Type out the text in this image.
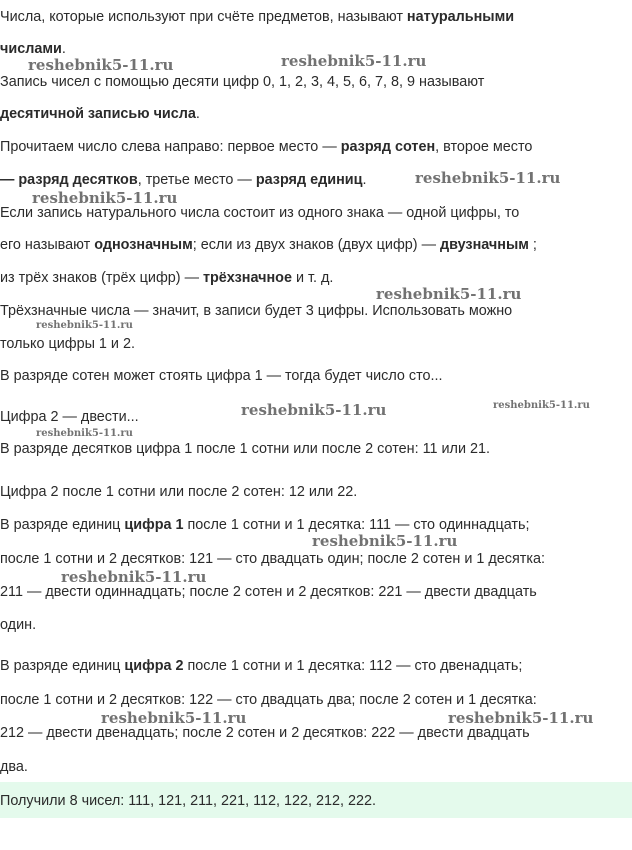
Числа, которые используют при счёте предметов, называют натуральными
числами.
Запись чисел с помощью десяти цифр 0, 1, 2, 3, 4, 5, 6, 7, 8, 9 называют
десятичной записью числа.
Прочитаем число слева направо: первое место — разряд сотен, второе место
— разряд десятков, третье место — разряд единиц.
Если запись натурального числа состоит из одного знака — одной цифры, то
его называют однозначным; если из двух знаков (двух цифр) — двузначным ;
из трёх знаков (трёх цифр) — трёхзначное и т. д.
Трёхзначные числа — значит, в записи будет 3 цифры. Использовать можно
только цифры 1 и 2.
В разряде сотен может стоять цифра 1 — тогда будет число сто...
Цифра 2 — двести...
В разряде десятков цифра 1 после 1 сотни или после 2 сотен: 11 или 21.
Цифра 2 после 1 сотни или после 2 сотен: 12 или 22.
В разряде единиц цифра 1 после 1 сотни и 1 десятка: 111 — сто одиннадцать;
после 1 сотни и 2 десятков: 121 — сто двадцать один; после 2 сотен и 1 десятка:
211 — двести одиннадцать; после 2 сотен и 2 десятков: 221 — двести двадцать
один.
В разряде единиц цифра 2 после 1 сотни и 1 десятка: 112 — сто двенадцать;
после 1 сотни и 2 десятков: 122 — сто двадцать два; после 2 сотен и 1 десятка:
212 — двести двенадцать; после 2 сотен и 2 десятков: 222 — двести двадцать
два.
Получили 8 чисел: 111, 121, 211, 221, 112, 122, 212, 222.
reshebnik5-11.ru	reshebnik5-11.ru
reshebnik5-11.ru
reshebnik5-11.ru
reshebnik5-11.ru
reshebnik5-11.ru
reshebnik5-11.ru	reshebnik5-11.ru
reshebnik5-11.ru
reshebnik5-11.ru
reshebnik5-11.ru
reshebnik5-11.ru	reshebnik5-11.ru
